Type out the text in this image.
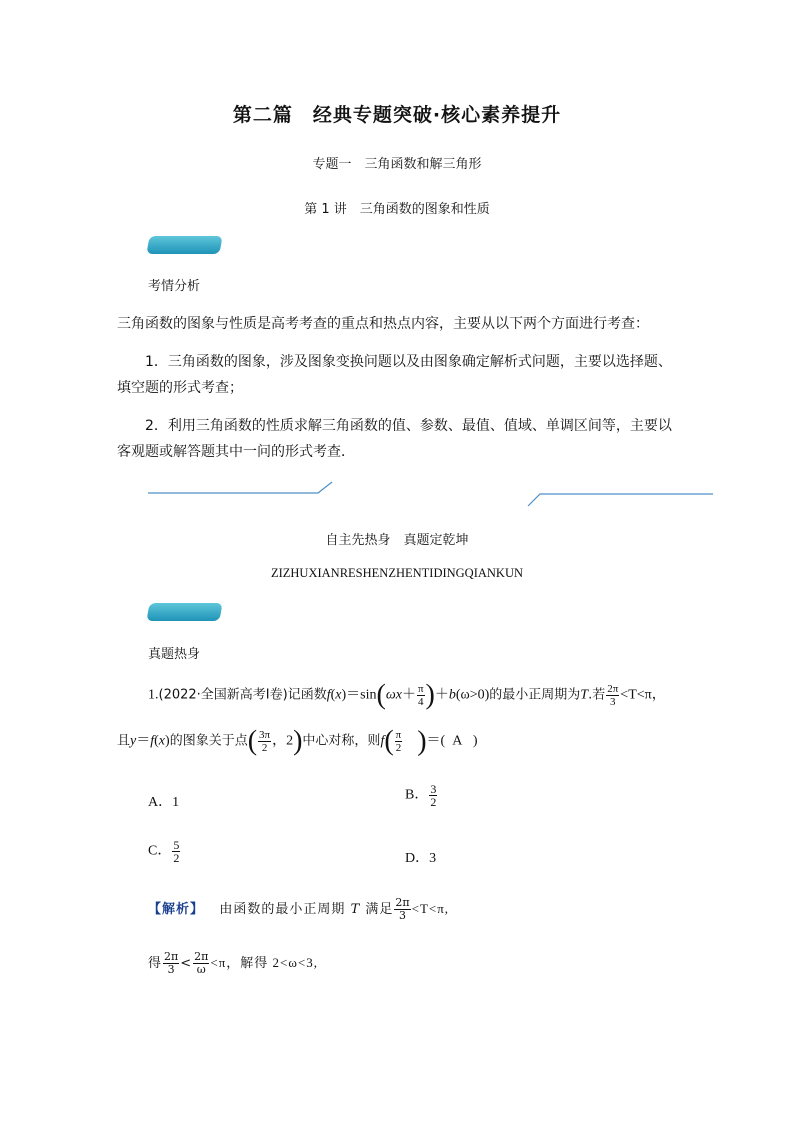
第二篇　经典专题突破·核心素养提升
专题一　三角函数和解三角形
第 1 讲　三角函数的图象和性质
考情分析
三角函数的图象与性质是高考考查的重点和热点内容，主要从以下两个方面进行考查：
1．三角函数的图象，涉及图象变换问题以及由图象确定解析式问题，主要以选择题、填空题的形式考查；
2．利用三角函数的性质求解三角函数的值、参数、最值、值域、单调区间等，主要以客观题或解答题其中一问的形式考查．
自主先热身　真题定乾坤
ZIZHUXIANRESHENZHENTIDINGQIANKUN
真题热身
1.(2022·全国新高考Ⅰ卷)记函数$f(x)=\sin(\omega x+ \frac{\pi}{4} )+b(\omega>0)$的最小正周期为T.若 $\frac{2\pi}{3} <T<\pi$，
且y＝f(x)的图象关于点( $\frac{3\pi}{2}$ ，2)中心对称，则$f( \frac{\pi}{2}$ )＝( A )
A．1	B． $\frac{3}{2}$
C． $\frac{5}{2}$	D．3
【解析】 由函数的最小正周期 T 满足 $\frac{2\pi}{3} <T<\pi$,
得 $\frac{2\pi}{3} < \frac{2\pi}{\omega} <\pi$，解得 2<ω<3,
